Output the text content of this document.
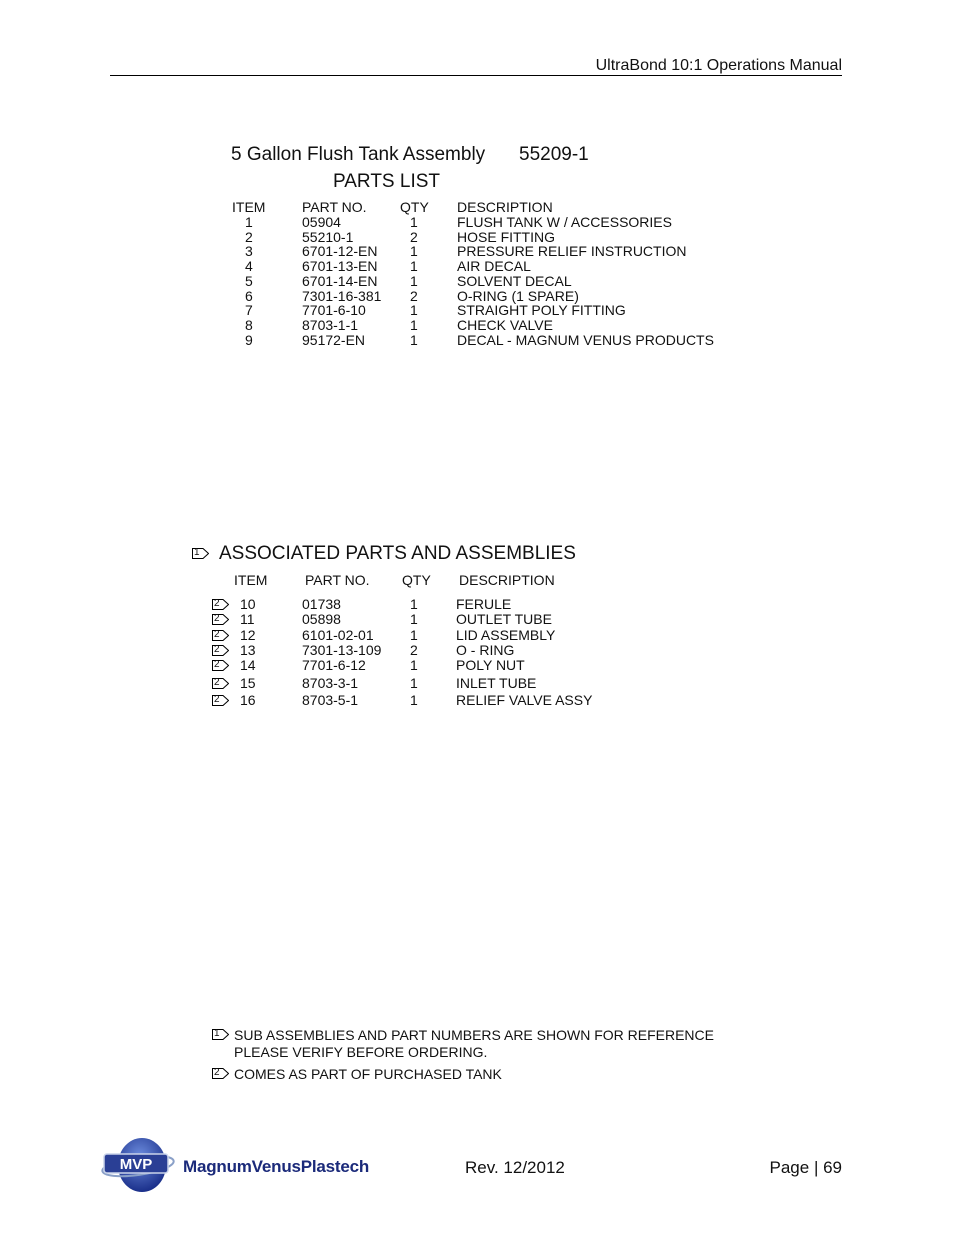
UltraBond 10:1 Operations Manual
5 Gallon Flush Tank Assembly 55209-1
PARTS LIST
ITEM	PART NO. QTY DESCRIPTION
1	05904	1	FLUSH TANK W / ACCESSORIES
2	55210-1	2	HOSE FITTING
3	6701-12-EN 1	PRESSURE RELIEF INSTRUCTION
4	6701-13-EN 1	AIR DECAL
5	6701-14-EN 1	SOLVENT DECAL
6	7301-16-381 2	O-RING (1 SPARE)
7	7701-6-10	1	STRAIGHT POLY FITTING
8	8703-1-1	1	CHECK VALVE
9	95172-EN	1	DECAL - MAGNUM VENUS PRODUCTS
1 ASSOCIATED PARTS AND ASSEMBLIES
ITEM	PART NO. QTY DESCRIPTION
2 10	01738	1	FERULE
2 11	05898	1	OUTLET TUBE
2 12	6101-02-01	1	LID ASSEMBLY
2 13	7301-13-109 2	O - RING
2 14	7701-6-12	1	POLY NUT
2 15	8703-3-1	1	INLET TUBE
2 16	8703-5-1	1	RELIEF VALVE ASSY
1 SUB ASSEMBLIES AND PART NUMBERS ARE SHOWN FOR REFERENCE
PLEASE VERIFY BEFORE ORDERING.
2 COMES AS PART OF PURCHASED TANK
MVP MagnumVenusPlastech	Rev. 12/2012	Page | 69
